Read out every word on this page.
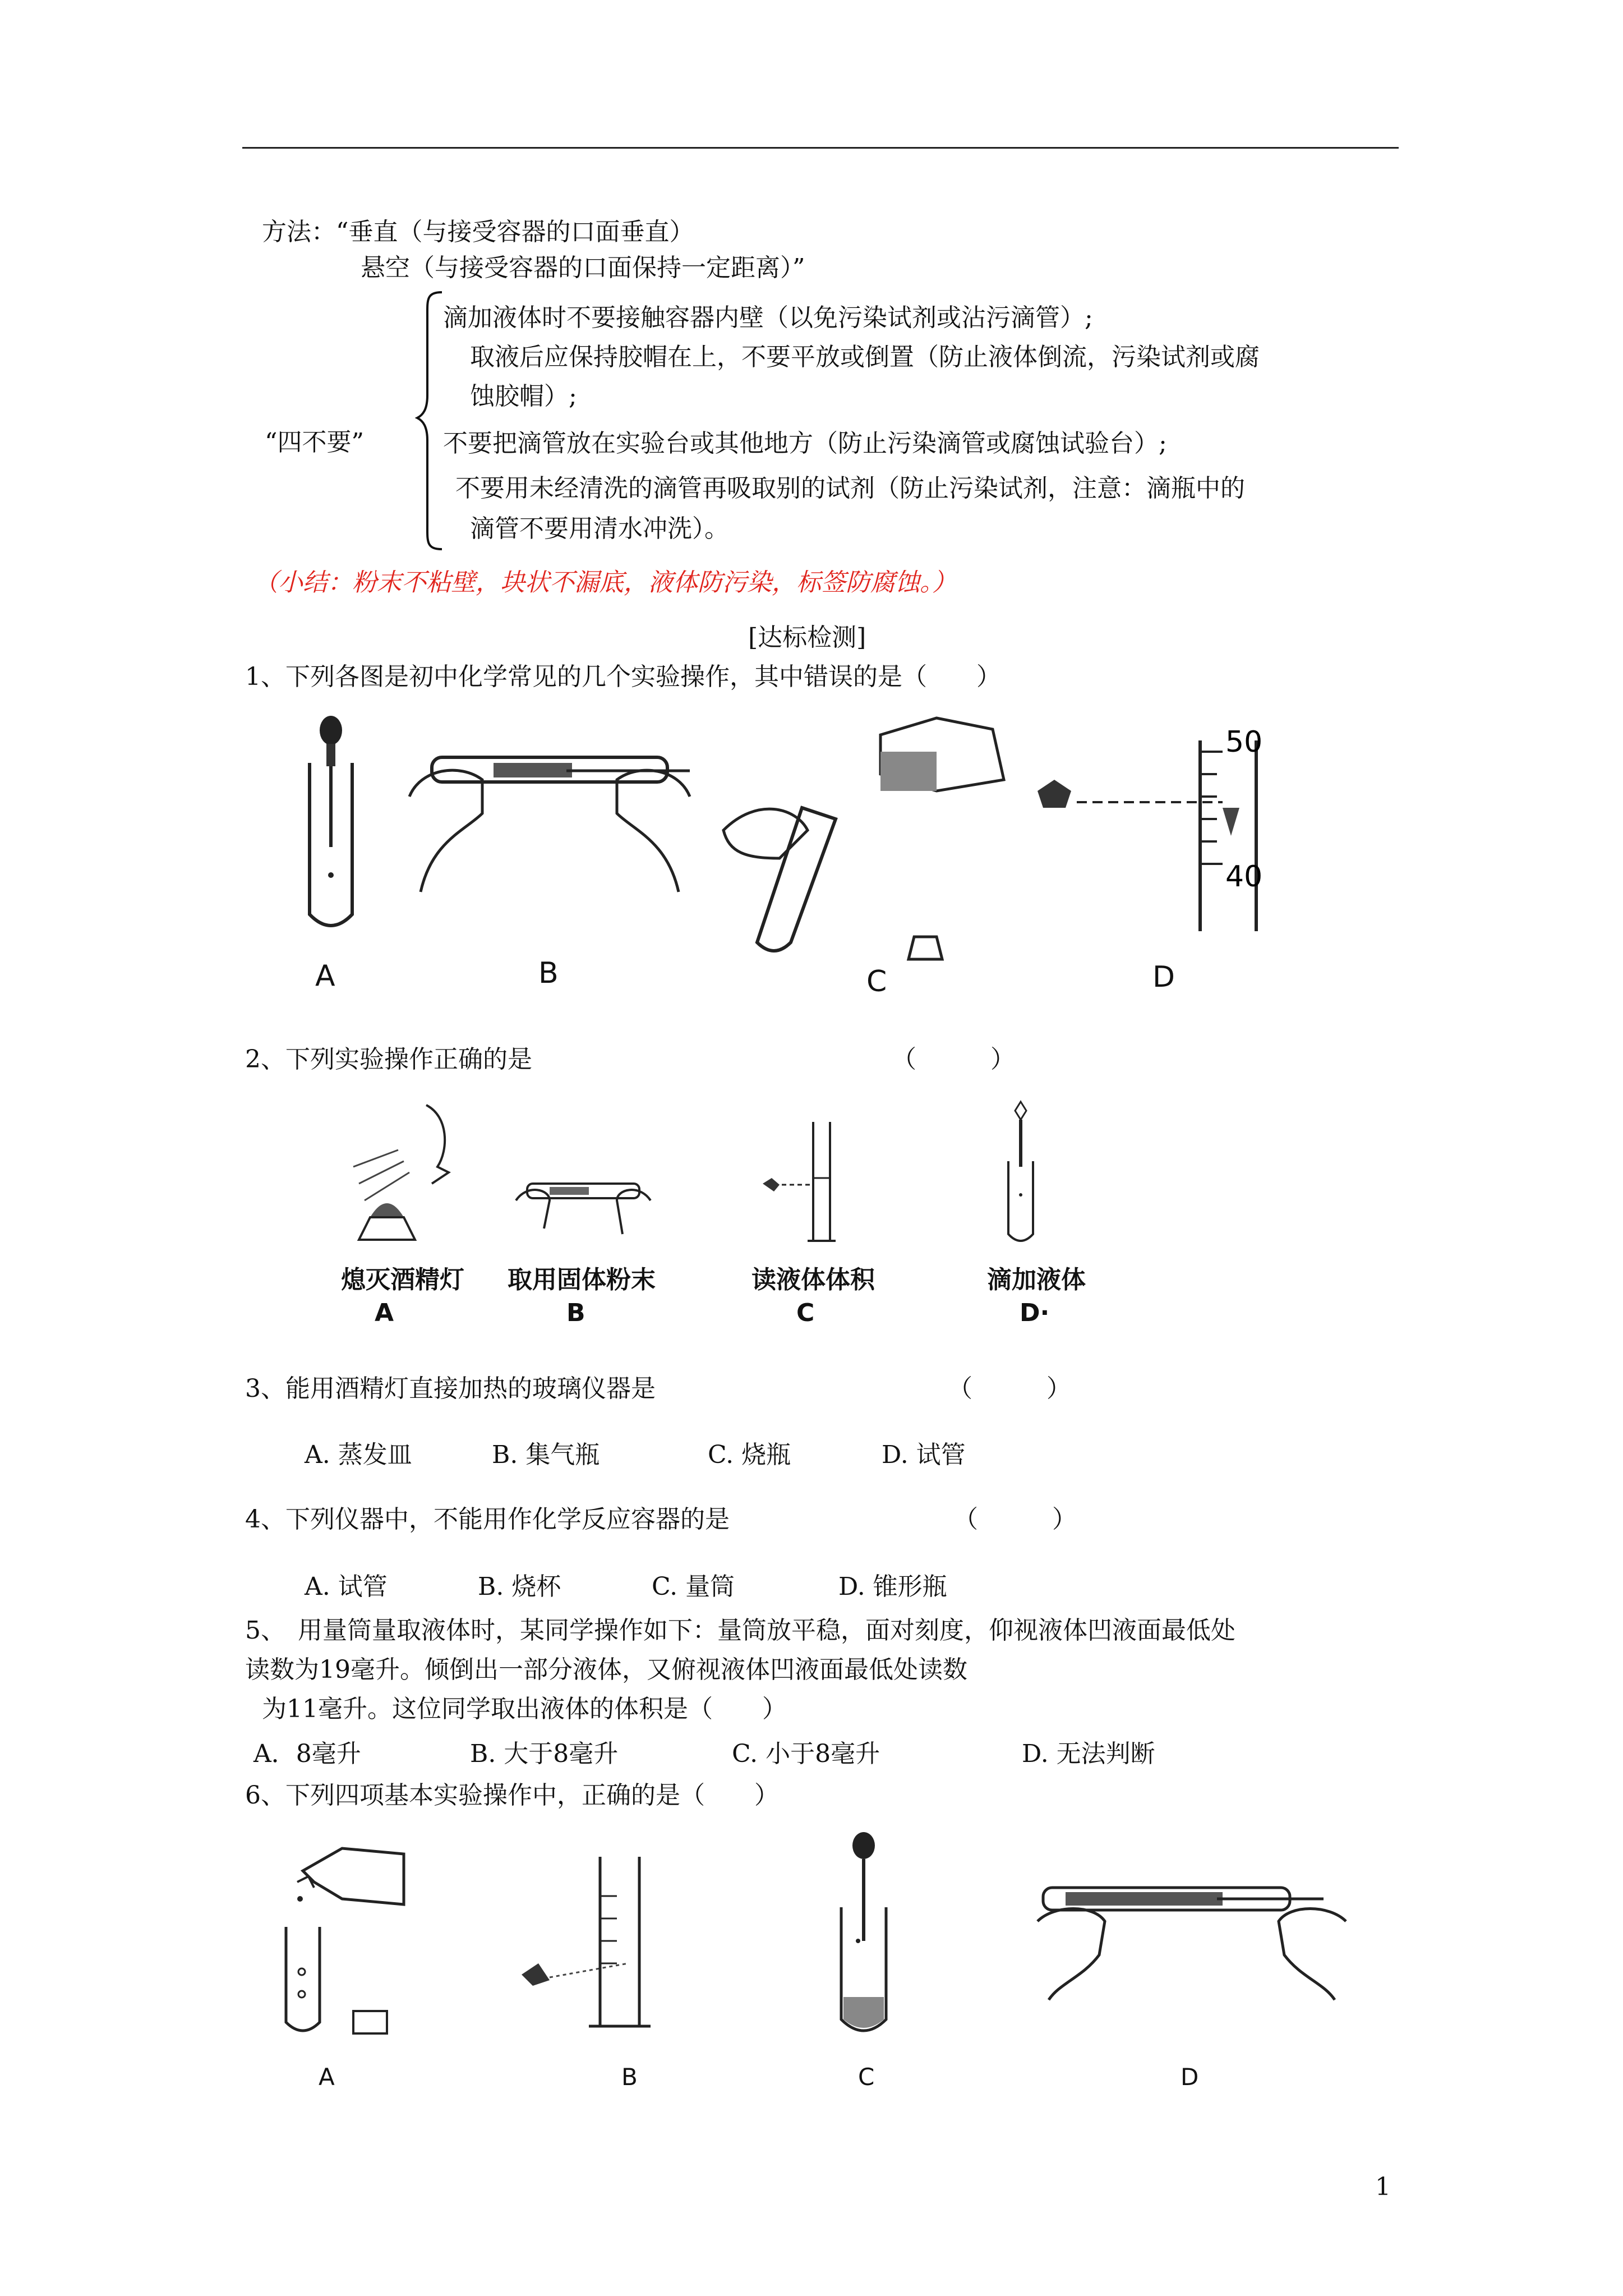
方法：“垂直（与接受容器的口面垂直）
悬空（与接受容器的口面保持一定距离）”
“四不要”
滴加液体时不要接触容器内壁（以免污染试剂或沾污滴管）;
取液后应保持胶帽在上，不要平放或倒置（防止液体倒流，污染试剂或腐
蚀胶帽）;
不要把滴管放在实验台或其他地方（防止污染滴管或腐蚀试验台）;
不要用未经清洗的滴管再吸取别的试剂（防止污染试剂，注意：滴瓶中的
滴管不要用清水冲洗）。
（小结：粉末不粘壁，块状不漏底，液体防污染，标签防腐蚀。）
[达标检测]
1、下列各图是初中化学常见的几个实验操作，其中错误的是（　　）
50
40
A	B	C	D
2、下列实验操作正确的是	（　　　）
熄灭酒精灯 取用固体粉末	读液体体积	滴加液体
A	B	C	D·
3、能用酒精灯直接加热的玻璃仪器是	（　　　）
A. 蒸发皿	B. 集气瓶	C. 烧瓶	D. 试管
4、下列仪器中，不能用作化学反应容器的是	（　　　）
A. 试管	B. 烧杯	C. 量筒	D. 锥形瓶
5、　用量筒量取液体时，某同学操作如下：量筒放平稳，面对刻度，仰视液体凹液面最低处
读数为19毫升。倾倒出一部分液体，又俯视液体凹液面最低处读数
为11毫升。这位同学取出液体的体积是（　　）
A．8毫升	B. 大于8毫升	C. 小于8毫升	D. 无法判断
6、下列四项基本实验操作中，正确的是（　　）
A	B	C	D
1
